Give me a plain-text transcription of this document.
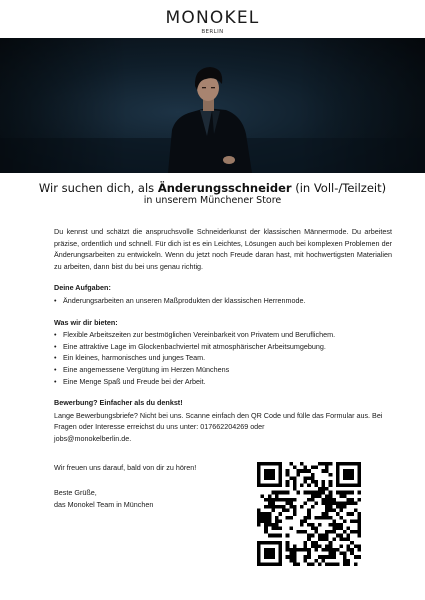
MONOKEL
BERLIN
Wir suchen dich, als Änderungsschneider (in Voll-/Teilzeit)
in unserem Münchener Store

Du kennst und schätzt die anspruchsvolle Schneiderkunst der klassischen Männermode. Du arbeitest präzise, ordentlich und schnell. Für dich ist es ein Leichtes, Lösungen auch bei komplexen Problemen der Änderungsarbeiten zu entwickeln. Wenn du jetzt noch Freude daran hast, mit hochwertigsten Materialien zu arbeiten, dann bist du bei uns genau richtig.

Deine Aufgaben:
• Änderungsarbeiten an unseren Maßprodukten der klassischen Herrenmode.
Was wir dir bieten:
• Flexible Arbeitszeiten zur bestmöglichen Vereinbarkeit von Privatem und Beruflichem.
• Eine attraktive Lage im Glockenbachviertel mit atmosphärischer Arbeitsumgebung.
• Ein kleines, harmonisches und junges Team.
• Eine angemessene Vergütung im Herzen Münchens
• Eine Menge Spaß und Freude bei der Arbeit.
Bewerbung? Einfacher als du denkst!

Lange Bewerbungsbriefe? Nicht bei uns. Scanne einfach den QR Code und fülle das Formular aus. Bei Fragen oder Interesse erreichst du uns unter: 017662204269 oder

jobs@monokelberlin.de.

Wir freuen uns darauf, bald von dir zu hören!

Beste Grüße,
das Monokel Team in München
